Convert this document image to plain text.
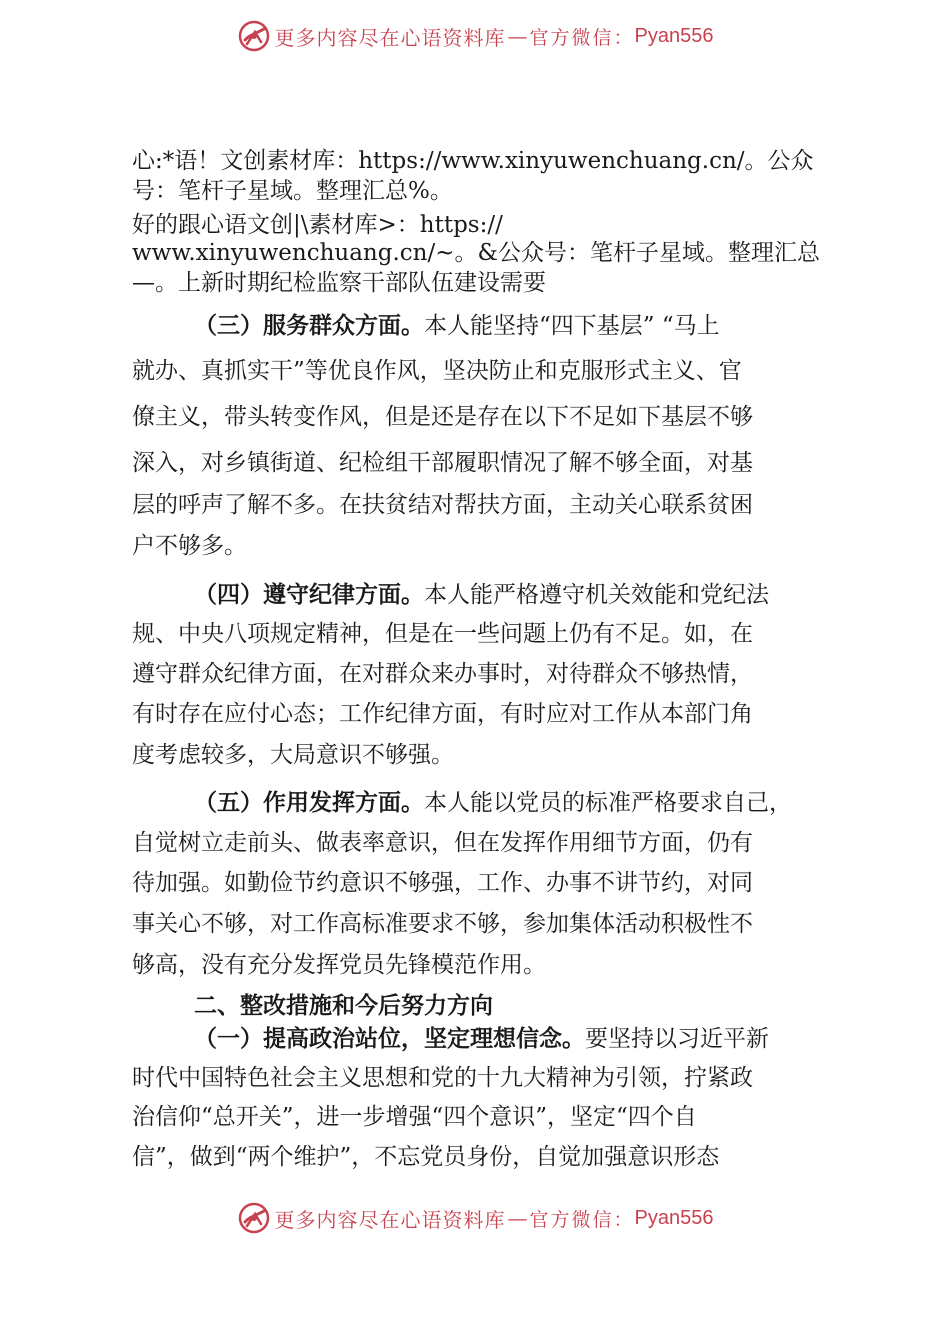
更多内容尽在心语资料库 — 官方微信： Pyan556
心:*语！文创素材库：https://www.xinyuwenchuang.cn/。公众
号：笔杆子星域。整理汇总%。
好的跟心语文创|\素材库>：https://
www.xinyuwenchuang.cn/~。&公众号：笔杆子星域。整理汇总
—。上新时期纪检监察干部队伍建设需要
（三）服务群众方面。本人能坚持“四下基层” “马上
就办、真抓实干”等优良作风，坚决防止和克服形式主义、官
僚主义，带头转变作风，但是还是存在以下不足如下基层不够
深入，对乡镇街道、纪检组干部履职情况了解不够全面，对基
层的呼声了解不多。在扶贫结对帮扶方面，主动关心联系贫困
户不够多。
（四）遵守纪律方面。本人能严格遵守机关效能和党纪法
规、中央八项规定精神，但是在一些问题上仍有不足。如，在
遵守群众纪律方面，在对群众来办事时，对待群众不够热情，
有时存在应付心态；工作纪律方面，有时应对工作从本部门角
度考虑较多，大局意识不够强。
（五）作用发挥方面。本人能以党员的标准严格要求自己，
自觉树立走前头、做表率意识，但在发挥作用细节方面，仍有
待加强。如勤俭节约意识不够强，工作、办事不讲节约，对同
事关心不够，对工作高标准要求不够，参加集体活动积极性不
够高，没有充分发挥党员先锋模范作用。
二、整改措施和今后努力方向
（一）提高政治站位，坚定理想信念。要坚持以习近平新
时代中国特色社会主义思想和党的十九大精神为引领，拧紧政
治信仰“总开关”，进一步增强“四个意识”，坚定“四个自
信”，做到“两个维护”，不忘党员身份，自觉加强意识形态
更多内容尽在心语资料库 — 官方微信： Pyan556
